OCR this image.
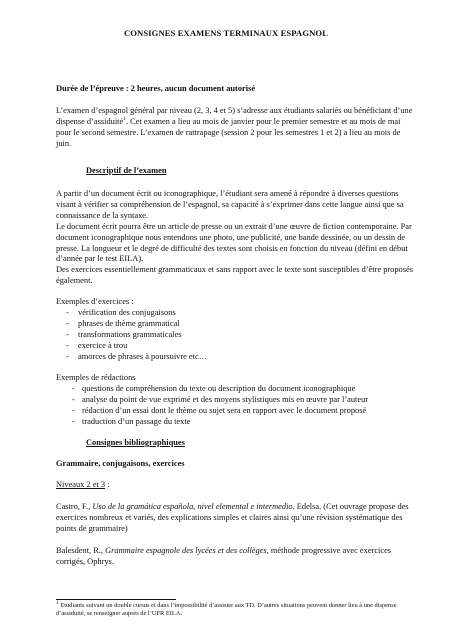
CONSIGNES EXAMENS TERMINAUX ESPAGNOL
Durée de l’épreuve : 2 heures, aucun document autorisé

L’examen d’espagnol général par niveau (2, 3, 4 et 5) s’adresse aux étudiants salariés ou bénéficiant d’une dispense d’assiduité$^1$. Cet examen a lieu au mois de janvier pour le premier semestre et au mois de mai pour le second semestre. L’examen de rattrapage (session 2 pour les semestres 1 et 2) a lieu au mois de juin.

Descriptif de l’examen

A partir d’un document écrit ou iconographique, l’étudiant sera amené à répondre à diverses questions visant à vérifier sa compréhension de l’espagnol, sa capacité à s’exprimer dans cette langue ainsi que sa connaissance de la syntaxe.

Le document écrit pourra être un article de presse ou un extrait d’une œuvre de fiction contemporaine. Par document iconographique nous entendons une photo, une publicité, une bande dessinée, ou un dessin de presse. La longueur et le degré de difficulté des textes sont choisis en fonction du niveau (défini en début d’année par le test EILA).

Des exercices essentiellement grammaticaux et sans rapport avec le texte sont susceptibles d’être proposés également.

Exemples d’exercices :

- vérification des conjugaisons
- phrases de thème grammatical
- transformations grammaticales
- exercice à trou
- amorces de phrases à poursuivre etc…

Exemples de rédactions

- questions de compréhension du texte ou description du document iconographique
- analyse du point de vue exprimé et des moyens stylistiques mis en œuvre par l’auteur
- rédaction d’un essai dont le thème ou sujet sera en rapport avec le document proposé
- traduction d’un passage du texte
Consignes bibliographiques
Grammaire, conjugaisons, exercices
Niveaux 2 et 3 :

Castro, F., Uso de la gramática española, nivel elemental e intermedio. Edelsa. (Cet ouvrage propose des exercices nombreux et variés, des explications simples et claires ainsi qu’une révision systématique des points de grammaire)

Balesdent, R., Grammaire espagnole des lycées et des collèges, méthode progressive avec exercices corrigés, Ophrys.

$^1$ Etudiants suivant un double cursus et dans l’impossibilité d’assister aux TD. D’autres situations peuvent donner lieu à une dispense d’assiduité, se renseigner auprès de l’UFR EILA.
